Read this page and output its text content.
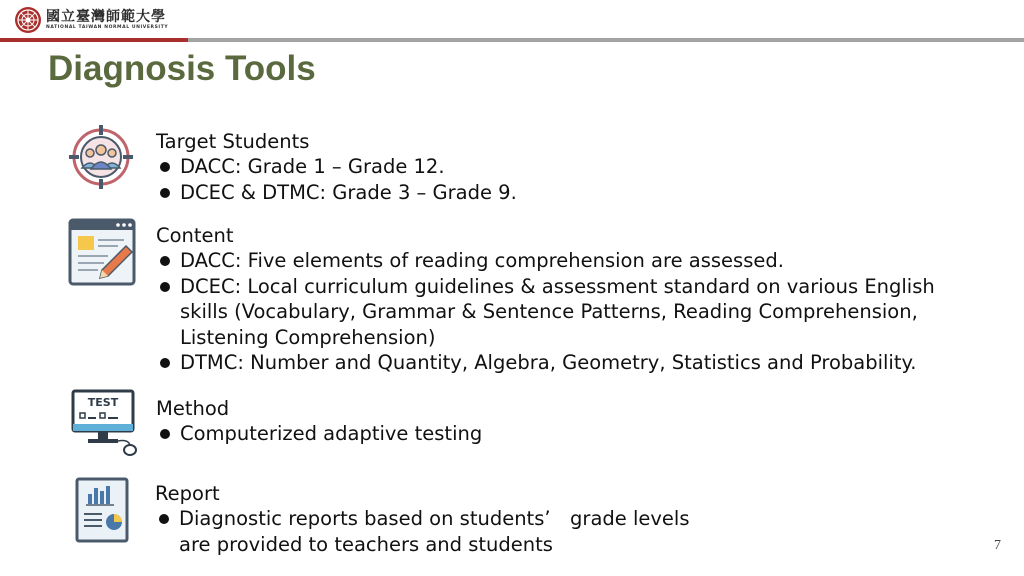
國立臺灣師範大學
NATIONAL TAIWAN NORMAL UNIVERSITY
Diagnosis Tools
TEST
Target Students
DACC: Grade 1 – Grade 12.
DCEC & DTMC: Grade 3 – Grade 9.
Content
DACC: Five elements of reading comprehension are assessed.
DCEC: Local curriculum guidelines & assessment standard on various English skills (Vocabulary, Grammar & Sentence Patterns, Reading Comprehension, Listening Comprehension)
DTMC: Number and Quantity, Algebra, Geometry, Statistics and Probability.
Method
Computerized adaptive testing
Report
Diagnostic reports based on students’　grade levels are provided to teachers and students	7
